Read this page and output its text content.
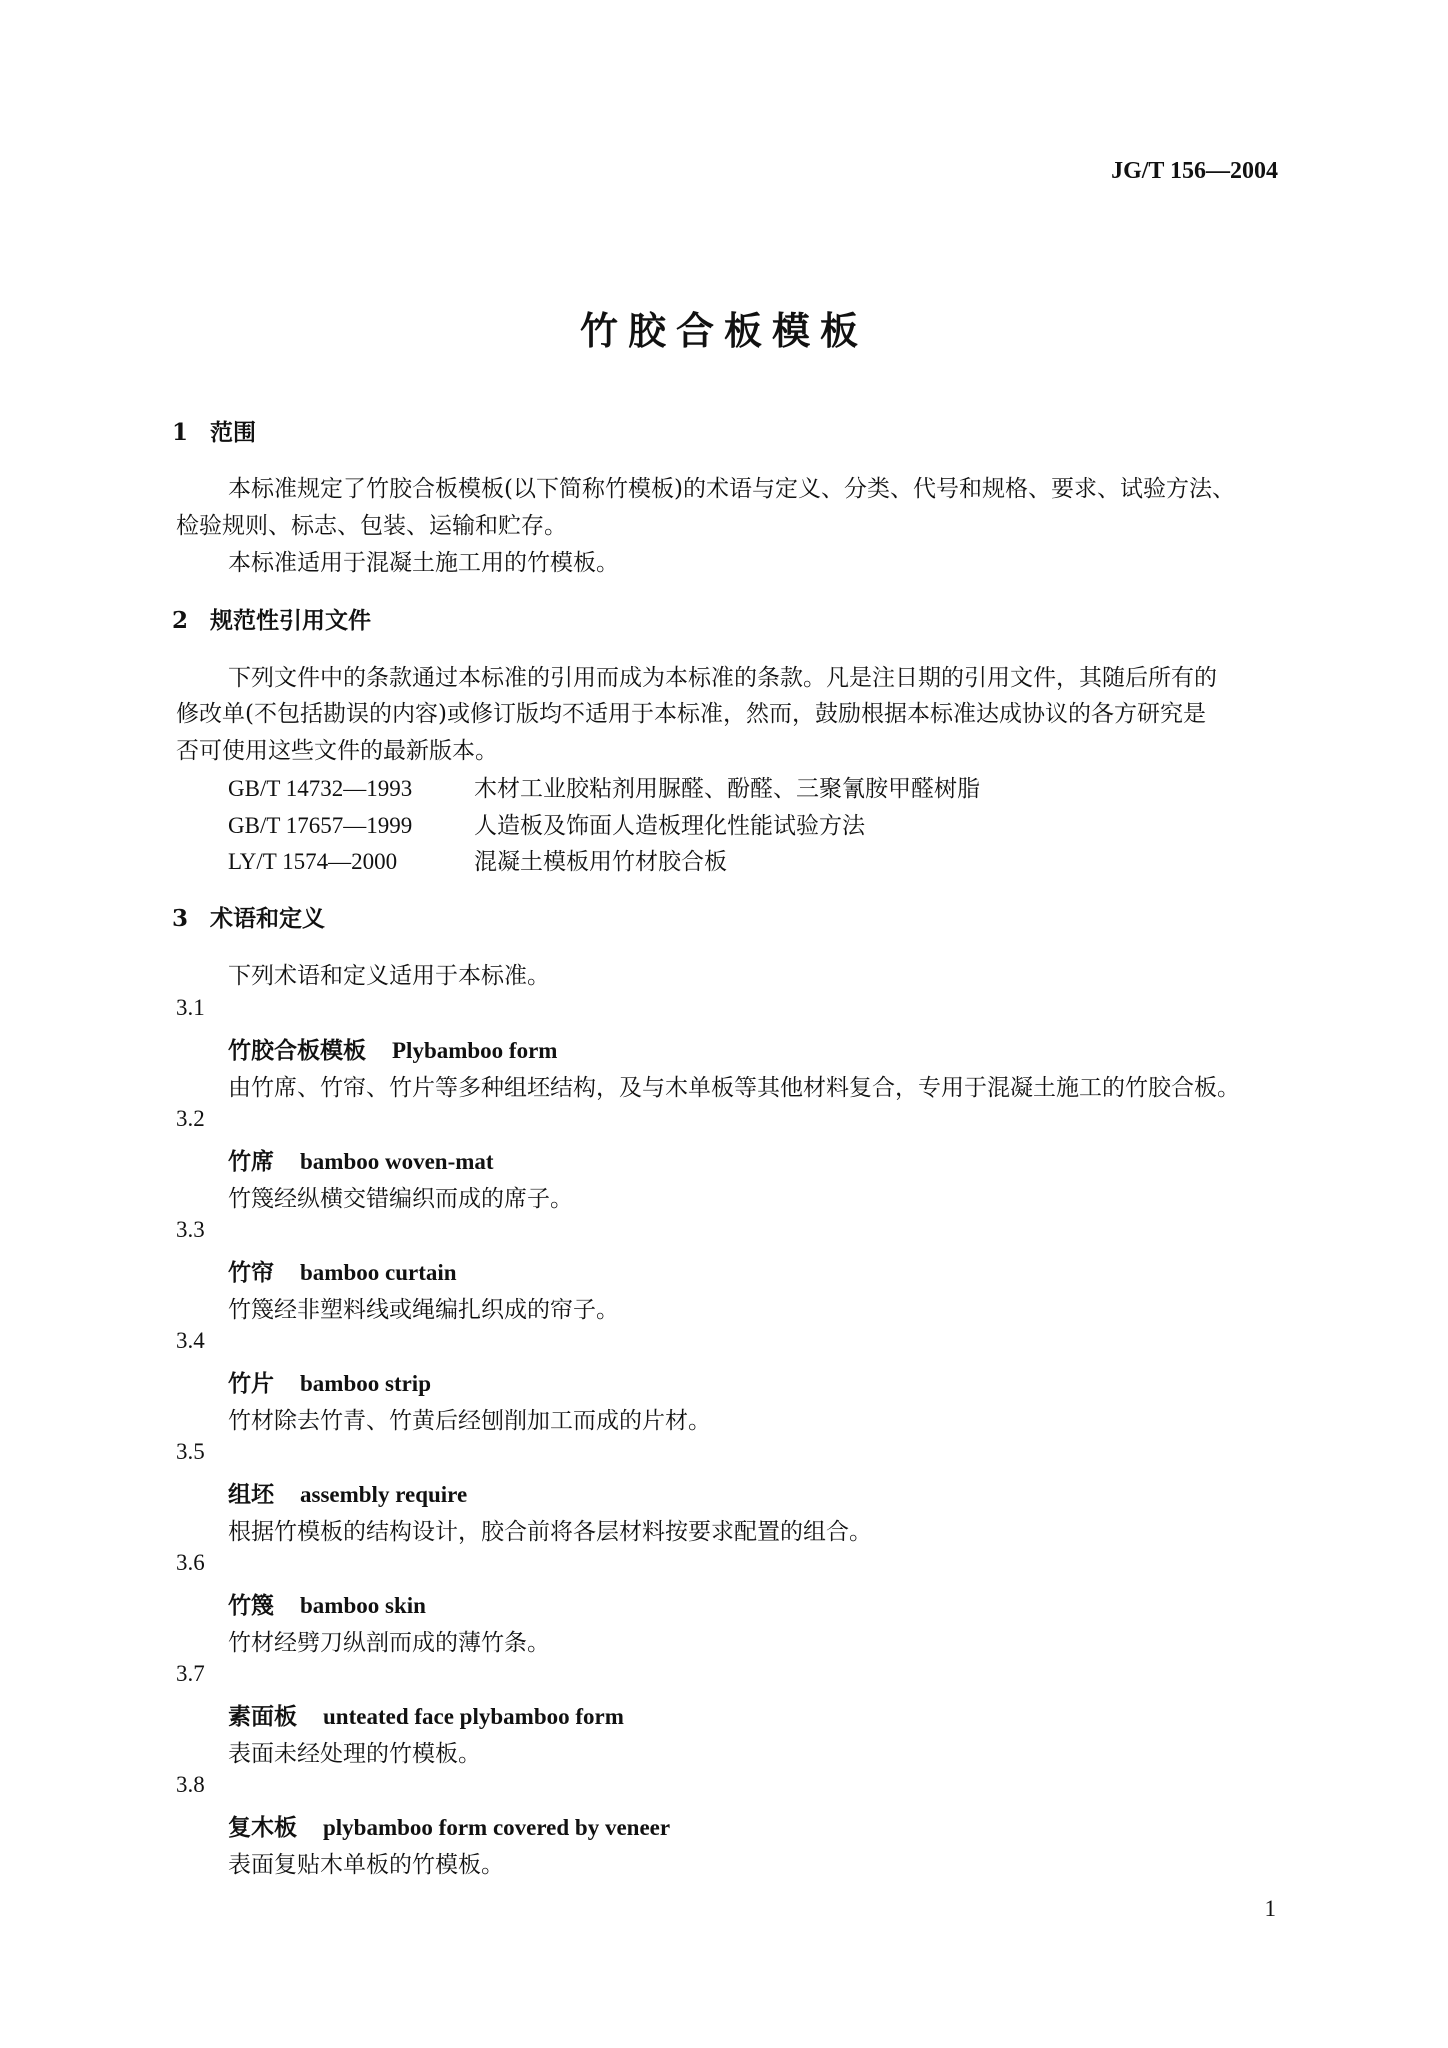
JG/T 156—2004
竹胶合板模板
1 范围
本标准规定了竹胶合板模板(以下简称竹模板)的术语与定义、分类、代号和规格、要求、试验方法、
检验规则、标志、包装、运输和贮存。
本标准适用于混凝土施工用的竹模板。
2 规范性引用文件
下列文件中的条款通过本标准的引用而成为本标准的条款。凡是注日期的引用文件，其随后所有的
修改单(不包括勘误的内容)或修订版均不适用于本标准，然而，鼓励根据本标准达成协议的各方研究是
否可使用这些文件的最新版本。
GB/T 14732—1993	木材工业胶粘剂用脲醛、酚醛、三聚氰胺甲醛树脂
GB/T 17657—1999	人造板及饰面人造板理化性能试验方法
LY/T 1574—2000	混凝土模板用竹材胶合板
3 术语和定义
下列术语和定义适用于本标准。
3.1
竹胶合板模板 Plybamboo form
由竹席、竹帘、竹片等多种组坯结构，及与木单板等其他材料复合，专用于混凝土施工的竹胶合板。
3.2
竹席 bamboo woven-mat
竹篾经纵横交错编织而成的席子。
3.3
竹帘 bamboo curtain
竹篾经非塑料线或绳编扎织成的帘子。
3.4
竹片 bamboo strip
竹材除去竹青、竹黄后经刨削加工而成的片材。
3.5
组坯 assembly require
根据竹模板的结构设计，胶合前将各层材料按要求配置的组合。
3.6
竹篾 bamboo skin
竹材经劈刀纵剖而成的薄竹条。
3.7
素面板 unteated face plybamboo form
表面未经处理的竹模板。
3.8
复木板 plybamboo form covered by veneer
表面复贴木单板的竹模板。
1
